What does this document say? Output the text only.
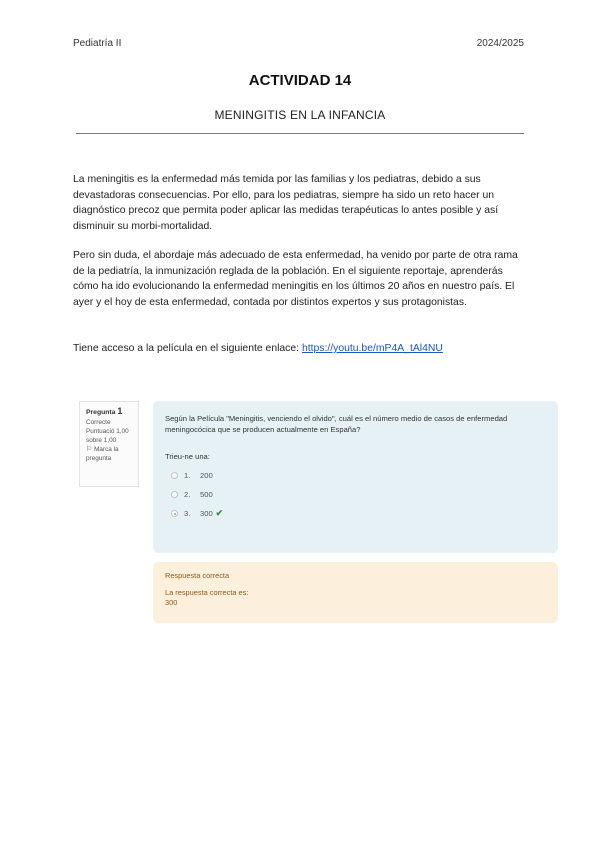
Pediatría II	2024/2025
ACTIVIDAD 14
MENINGITIS EN LA INFANCIA

La meningitis es la enfermedad más temida por las familias y los pediatras, debido a sus devastadoras consecuencias. Por ello, para los pediatras, siempre ha sido un reto hacer un diagnóstico precoz que permita poder aplicar las medidas terapéuticas lo antes posible y así disminuir su morbi-mortalidad.

Pero sin duda, el abordaje más adecuado de esta enfermedad, ha venido por parte de otra rama de la pediatría, la inmunización reglada de la población. En el siguiente reportaje, aprenderás cómo ha ido evolucionando la enfermedad meningitis en los últimos 20 años en nuestro país. El ayer y el hoy de esta enfermedad, contada por distintos expertos y sus protagonistas.

Tiene acceso a la película en el siguiente enlace: https://youtu.be/mP4A_tAl4NU
Pregunta 1
Correcte
Puntuació 1,00 sobre 1,00
⚐ Marca la pregunta
Según la Película "Meningitis, venciendo el olvido", cuál es el número medio de casos de enfermedad meningocócica que se producen actualmente en España?
Trieu-ne una:
1.	200
2.	500
3.	300 ✔
Respuesta correcta
La respuesta correcta es:
300
